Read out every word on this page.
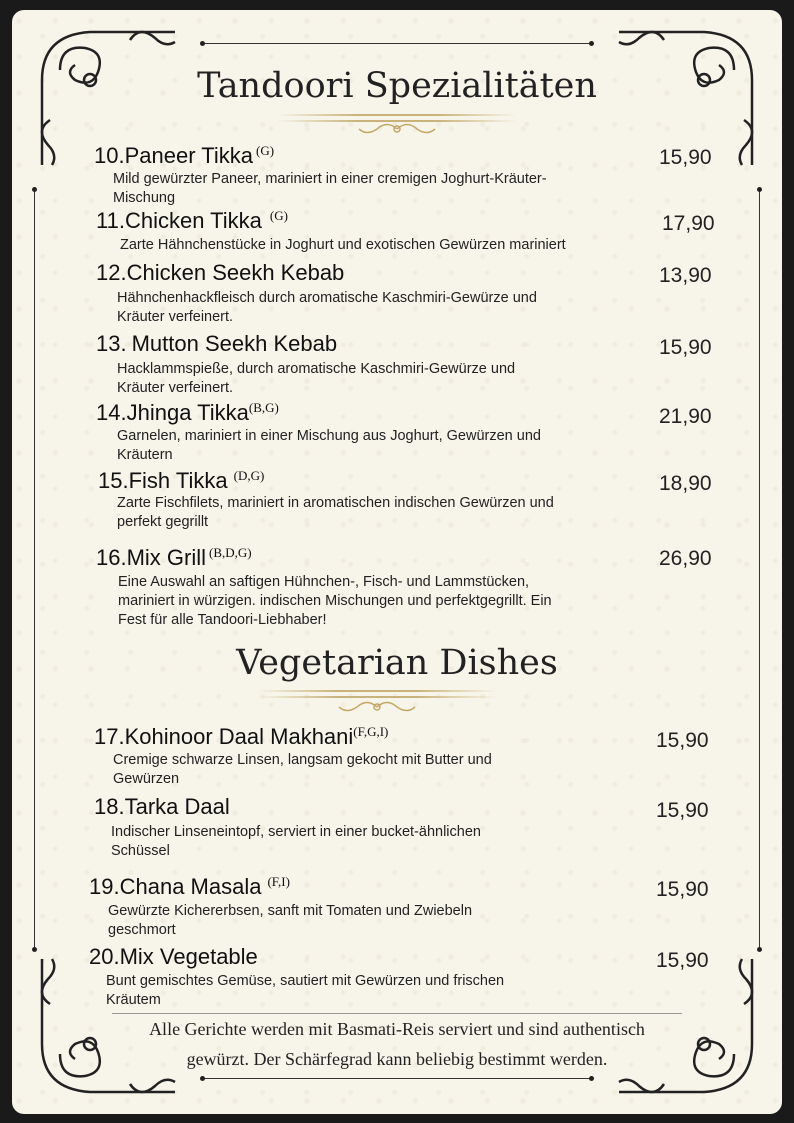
Tandoori Spezialitäten
10.Paneer Tikka $^{(G)}$
Mild gewürzter Paneer, mariniert in einer cremigen Joghurt-Kräuter-
Mischung
15,90
11.Chicken Tikka $^{(G)}$
Zarte Hähnchenstücke in Joghurt und exotischen Gewürzen mariniert
17,90
12.Chicken Seekh Kebab
Hähnchenhackfleisch durch aromatische Kaschmiri-Gewürze und
Kräuter verfeinert.
13,90
13. Mutton Seekh Kebab
Hacklammspieße, durch aromatische Kaschmiri-Gewürze und
Kräuter verfeinert.
15,90
14.Jhinga Tikka$^{(B,G)}$
Garnelen, mariniert in einer Mischung aus Joghurt, Gewürzen und
Kräutern
21,90
15.Fish Tikka $^{(D,G)}$
Zarte Fischfilets, mariniert in aromatischen indischen Gewürzen und
perfekt gegrillt
18,90
16.Mix Grill $^{(B,D,G)}$
Eine Auswahl an saftigen Hühnchen-, Fisch- und Lammstücken,
mariniert in würzigen. indischen Mischungen und perfektgegrillt. Ein
Fest für alle Tandoori-Liebhaber!
26,90
Vegetarian Dishes
17.Kohinoor Daal Makhani$^{(F,G,I)}$
Cremige schwarze Linsen, langsam gekocht mit Butter und
Gewürzen
15,90
18.Tarka Daal
Indischer Linseneintopf, serviert in einer bucket-ähnlichen
Schüssel
15,90
19.Chana Masala $^{(F,I)}$
Gewürzte Kichererbsen, sanft mit Tomaten und Zwiebeln
geschmort
15,90
20.Mix Vegetable
Bunt gemischtes Gemüse, sautiert mit Gewürzen und frischen
Kräutem
15,90
Alle Gerichte werden mit Basmati-Reis serviert und sind authentisch
gewürzt. Der Schärfegrad kann beliebig bestimmt werden.
